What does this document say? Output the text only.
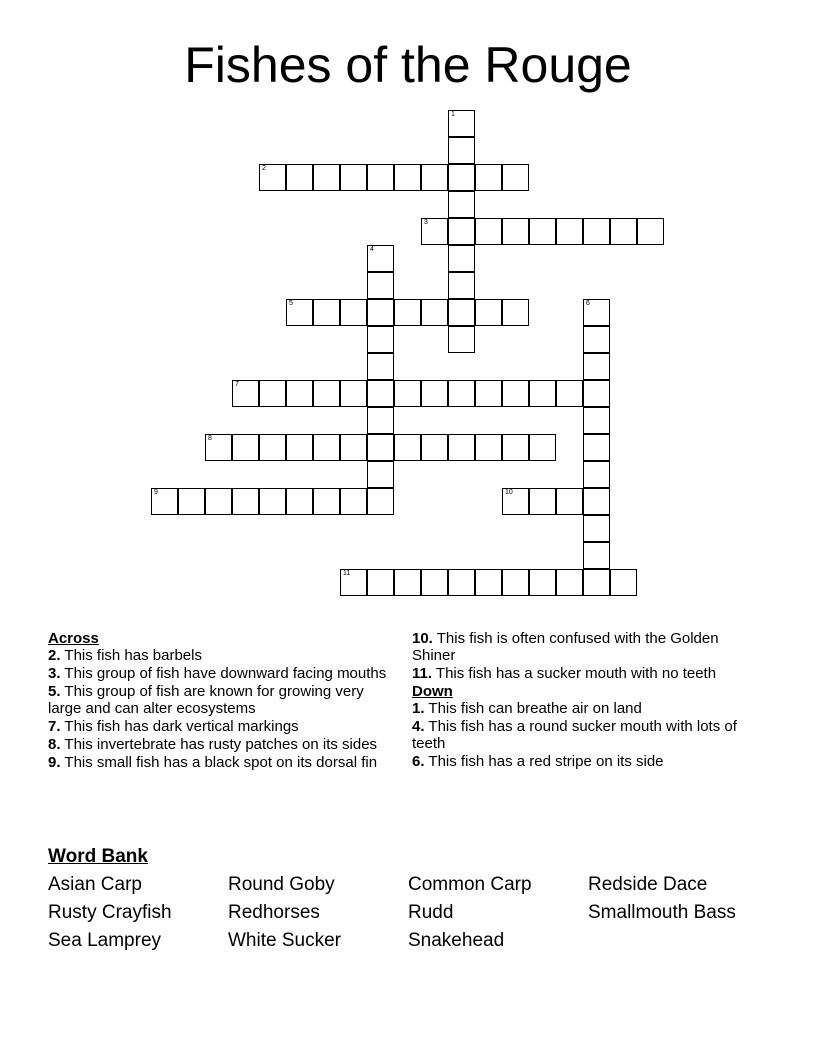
Fishes of the Rouge
1
2
3
4
5	6
7
8
9	10
11
Across
2. This fish has barbels
3. This group of fish have downward facing mouths
5. This group of fish are known for growing very large and can alter ecosystems
7. This fish has dark vertical markings
8. This invertebrate has rusty patches on its sides
9. This small fish has a black spot on its dorsal fin
10. This fish is often confused with the Golden Shiner
11. This fish has a sucker mouth with no teeth
Down
1. This fish can breathe air on land
4. This fish has a round sucker mouth with lots of teeth
6. This fish has a red stripe on its side
Word Bank
Asian Carp	Round Goby	Common Carp	Redside Dace
Rusty Crayfish	Redhorses	Rudd	Smallmouth Bass
Sea Lamprey	White Sucker	Snakehead
